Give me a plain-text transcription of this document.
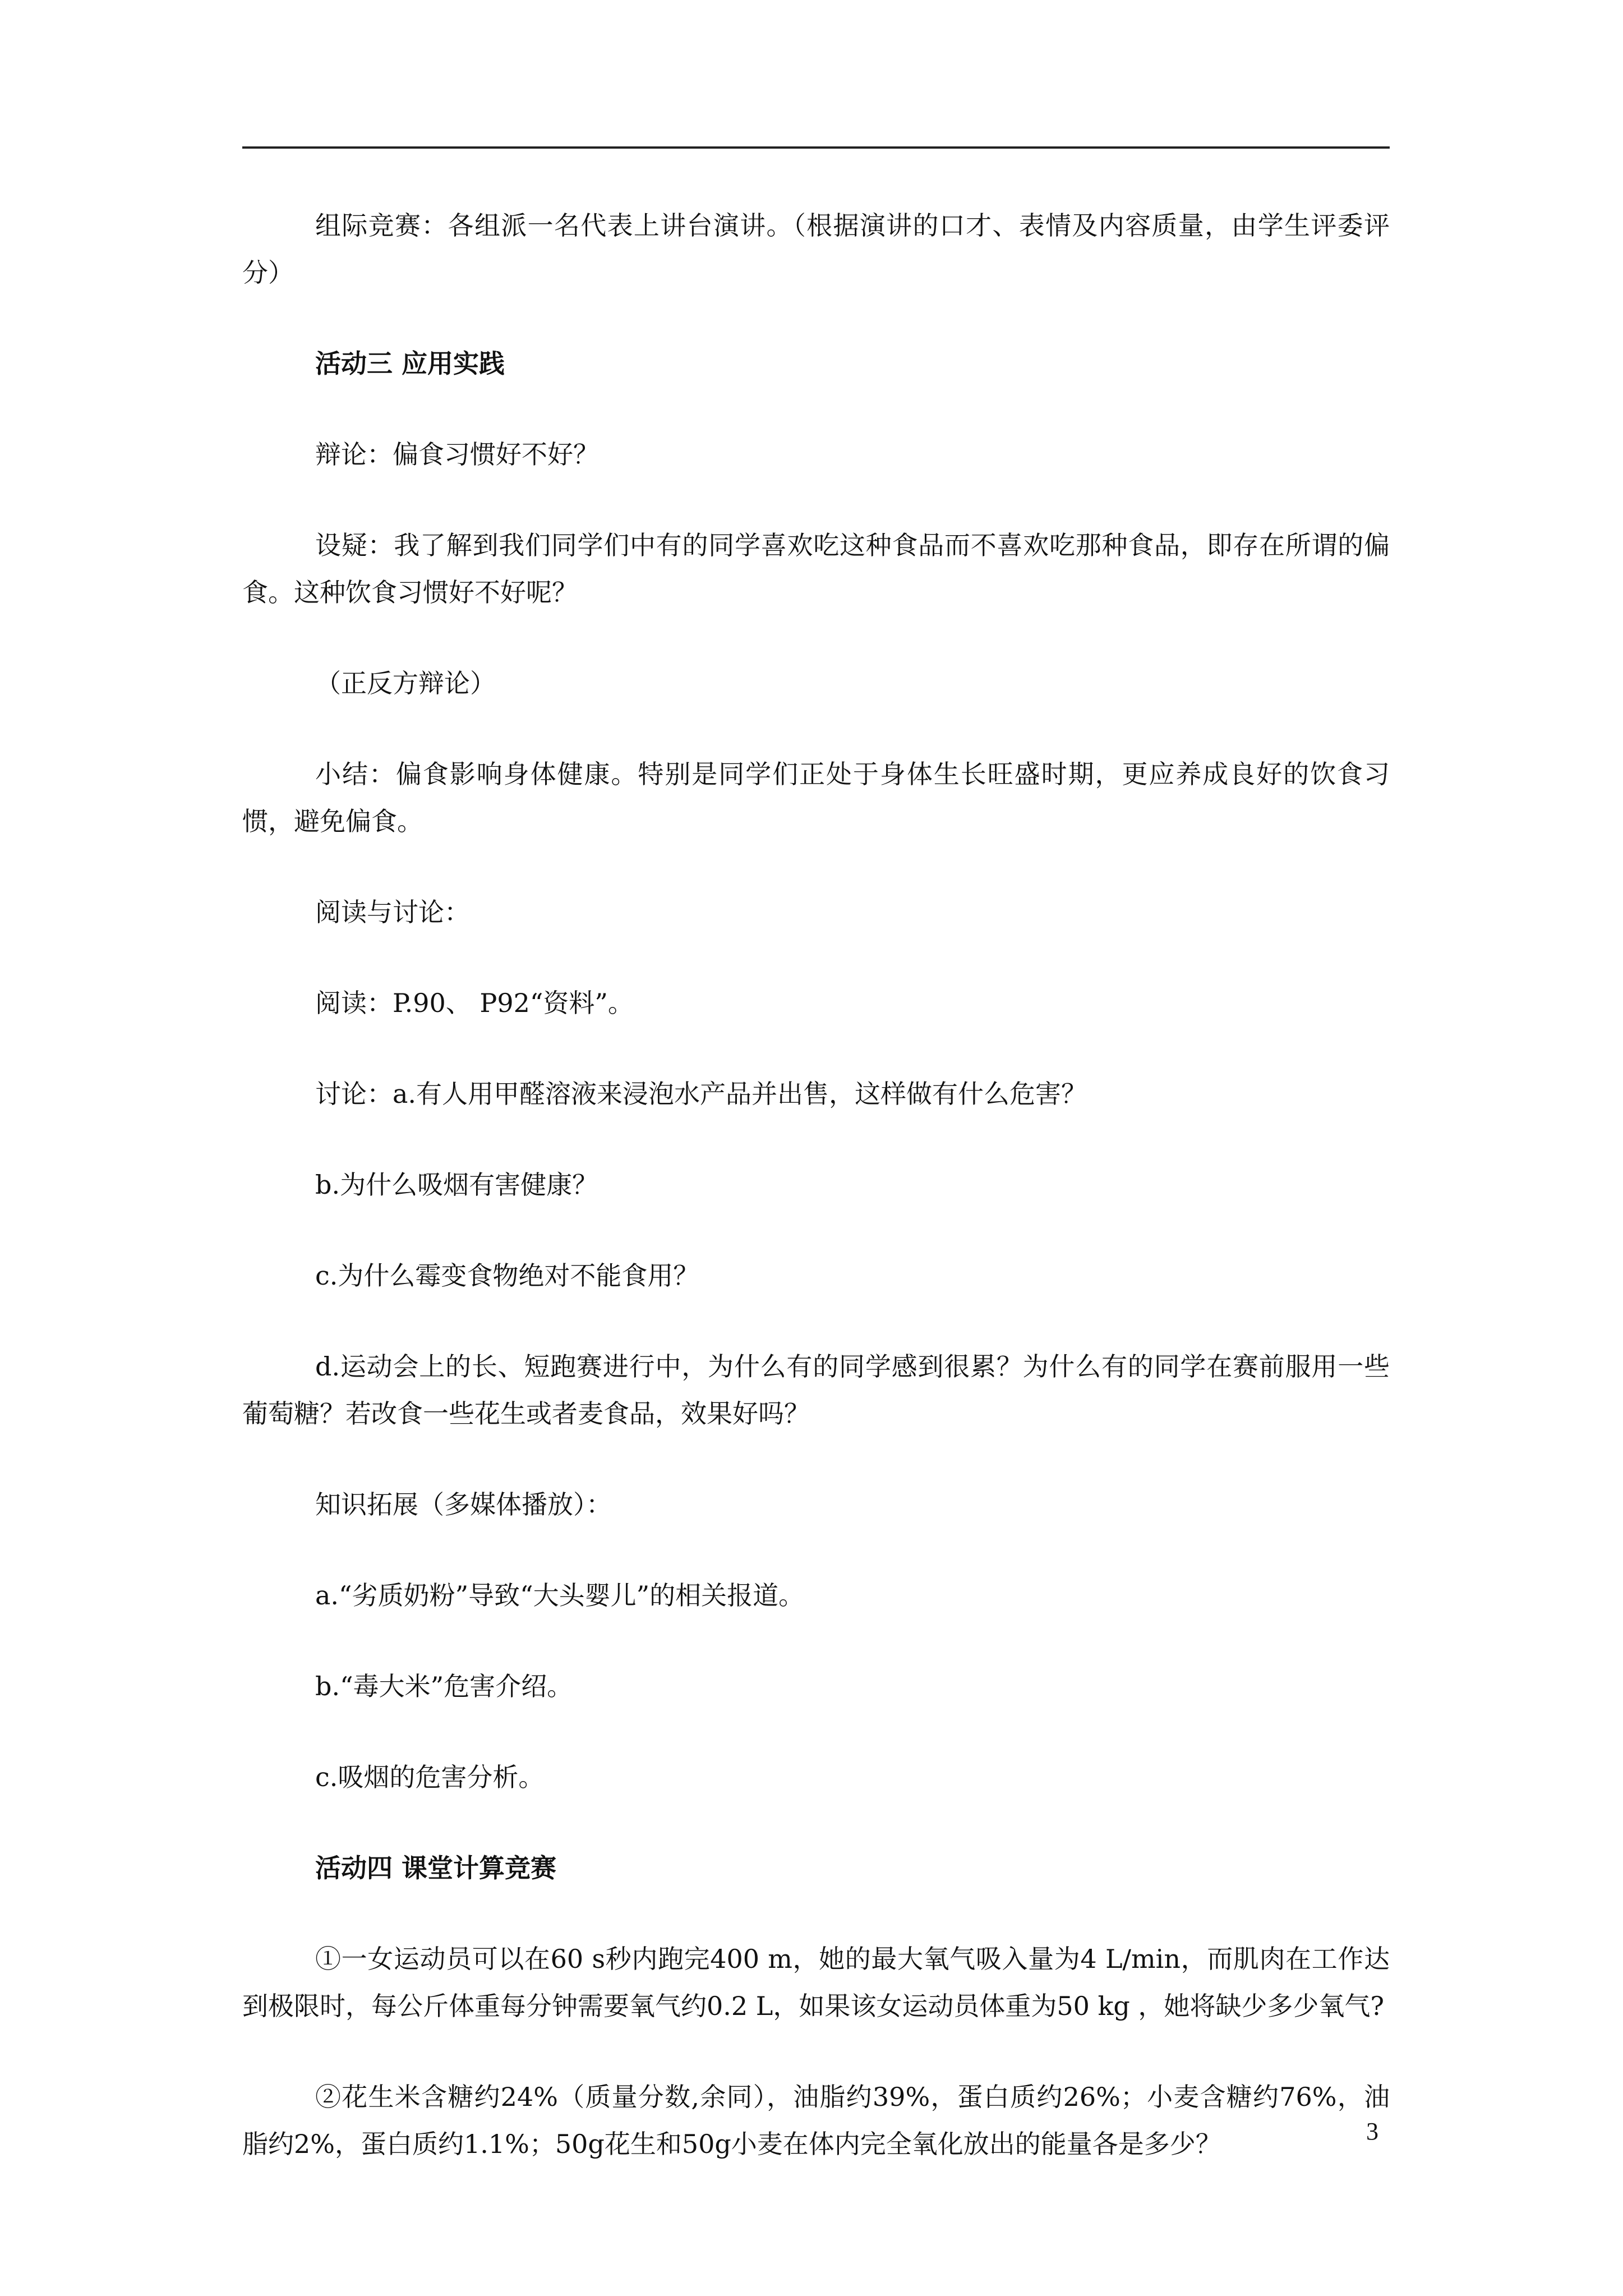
组际竞赛：各组派一名代表上讲台演讲。（根据演讲的口才、表情及内容质量，由学生评委评分）

活动三 应用实践

辩论：偏食习惯好不好？

设疑：我了解到我们同学们中有的同学喜欢吃这种食品而不喜欢吃那种食品，即存在所谓的偏食。这种饮食习惯好不好呢？

（正反方辩论）

小结：偏食影响身体健康。特别是同学们正处于身体生长旺盛时期，更应养成良好的饮食习惯，避免偏食。

阅读与讨论：

阅读：P.90、 P92“资料”。

讨论：a.有人用甲醛溶液来浸泡水产品并出售，这样做有什么危害？

b.为什么吸烟有害健康？

c.为什么霉变食物绝对不能食用？

d.运动会上的长、短跑赛进行中，为什么有的同学感到很累？为什么有的同学在赛前服用一些葡萄糖？若改食一些花生或者麦食品，效果好吗？

知识拓展（多媒体播放）：

a.“劣质奶粉”导致“大头婴儿”的相关报道。

b.“毒大米”危害介绍。

c.吸烟的危害分析。

活动四 课堂计算竞赛

①一女运动员可以在60 s秒内跑完400 m，她的最大氧气吸入量为4 L/min，而肌肉在工作达到极限时，每公斤体重每分钟需要氧气约0.2 L，如果该女运动员体重为50 kg ，她将缺少多少氧气?

②花生米含糖约24%（质量分数,余同），油脂约39%，蛋白质约26%；小麦含糖约76%，油脂约2%，蛋白质约1.1%；50g花生和50g小麦在体内完全氧化放出的能量各是多少？	3
